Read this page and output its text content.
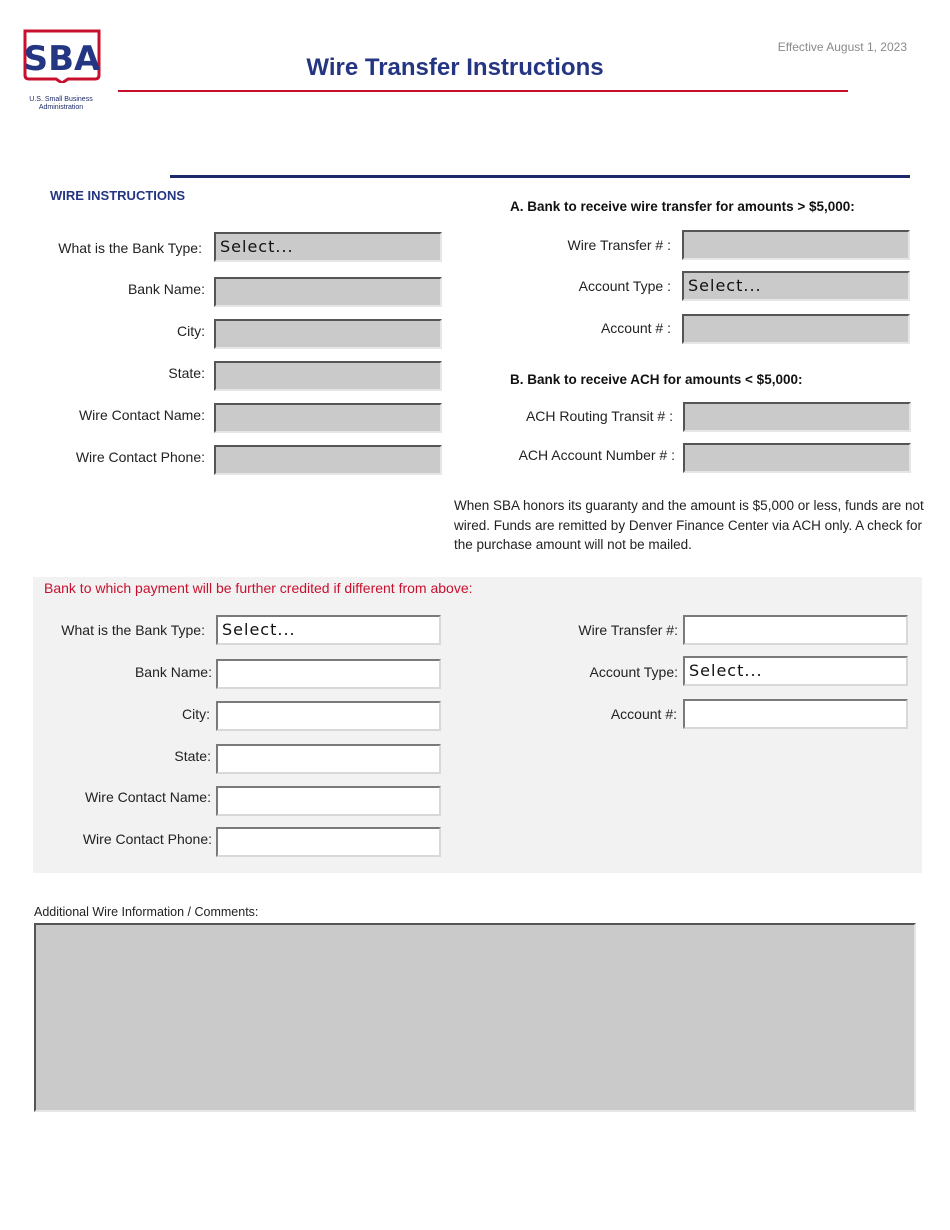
SBA
U.S. Small Business Administration
Effective August 1, 2023
Wire Transfer Instructions
WIRE INSTRUCTIONS
What is the Bank Type:	Select...
Bank Name:
City:
State:
Wire Contact Name:
Wire Contact Phone:
A. Bank to receive wire transfer for amounts > $5,000:
Wire Transfer # :
Account Type :	Select...
Account # :
B. Bank to receive ACH for amounts < $5,000:
ACH Routing Transit # :
ACH Account Number # :
When SBA honors its guaranty and the amount is $5,000 or less, funds are not wired. Funds are remitted by Denver Finance Center via ACH only. A check for the purchase amount will not be mailed.
Bank to which payment will be further credited if different from above:
What is the Bank Type:	Select...
Bank Name:
City:
State:
Wire Contact Name:
Wire Contact Phone:
Wire Transfer #:
Account Type: Select...
Account #:
Additional Wire Information / Comments:
